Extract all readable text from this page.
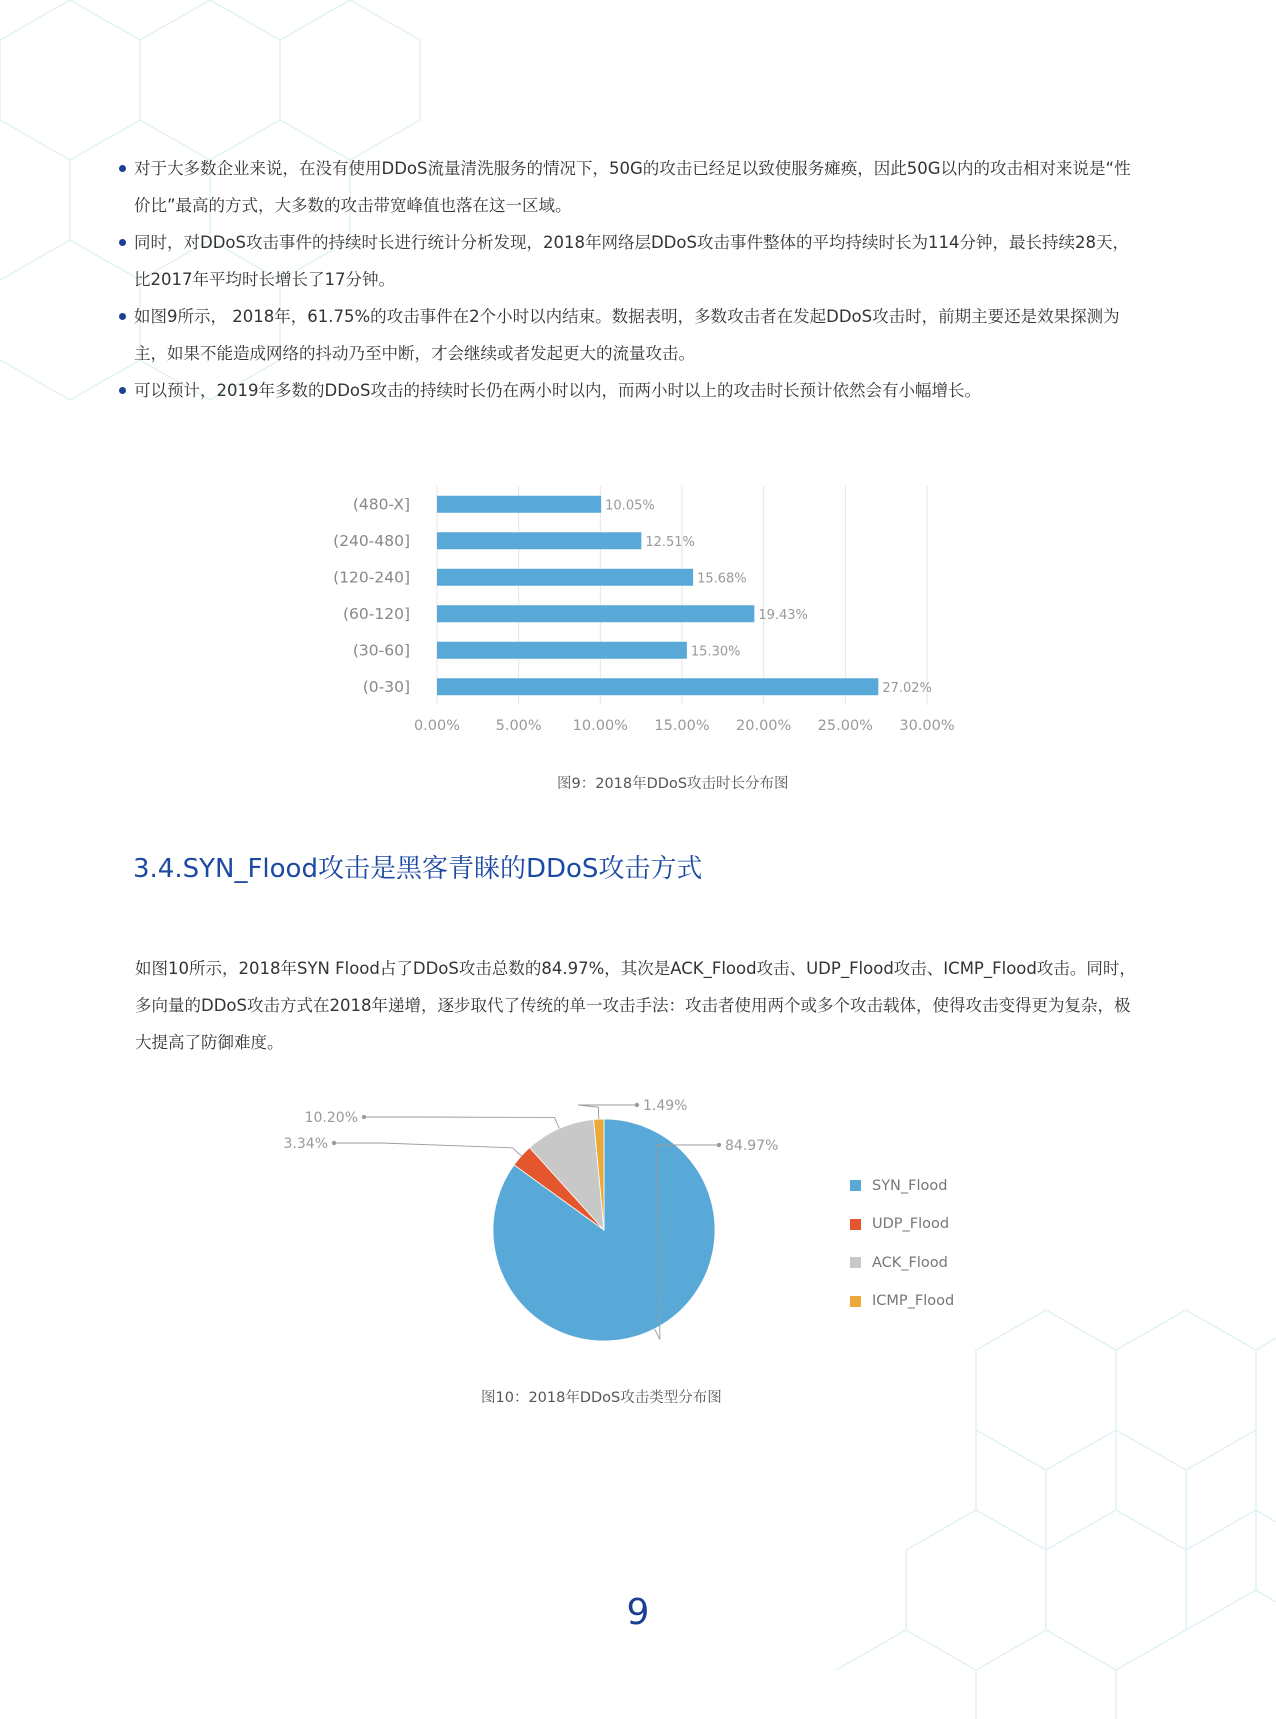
对于大多数企业来说，在没有使用DDoS流量清洗服务的情况下，50G的攻击已经足以致使服务瘫痪，因此50G以内的攻击相对来说是“性价比”最高的方式，大多数的攻击带宽峰值也落在这一区域。
同时，对DDoS攻击事件的持续时长进行统计分析发现，2018年网络层DDoS攻击事件整体的平均持续时长为114分钟，最长持续28天，比2017年平均时长增长了17分钟。
如图9所示， 2018年，61.75%的攻击事件在2个小时以内结束。数据表明，多数攻击者在发起DDoS攻击时，前期主要还是效果探测为主，如果不能造成网络的抖动乃至中断，才会继续或者发起更大的流量攻击。
可以预计，2019年多数的DDoS攻击的持续时长仍在两小时以内，而两小时以上的攻击时长预计依然会有小幅增长。
0.00% 5.00% 10.00% 15.00% 20.00% 25.00% 30.00%
(480-X]	10.05%
(240-480]	12.51%
(120-240]	15.68%
(60-120]	19.43%
(30-60]	15.30%
(0-30]	27.02%
图9：2018年DDoS攻击时长分布图
3.4.SYN_Flood攻击是黑客青睐的DDoS攻击方式

如图10所示，2018年SYN Flood占了DDoS攻击总数的84.97%，其次是ACK_Flood攻击、UDP_Flood攻击、ICMP_Flood攻击。同时，多向量的DDoS攻击方式在2018年递增，逐步取代了传统的单一攻击手法：攻击者使用两个或多个攻击载体，使得攻击变得更为复杂，极大提高了防御难度。

84.97%
3.34%
10.20%
1.49%
SYN_Flood
UDP_Flood
ACK_Flood
ICMP_Flood
图10：2018年DDoS攻击类型分布图
9
